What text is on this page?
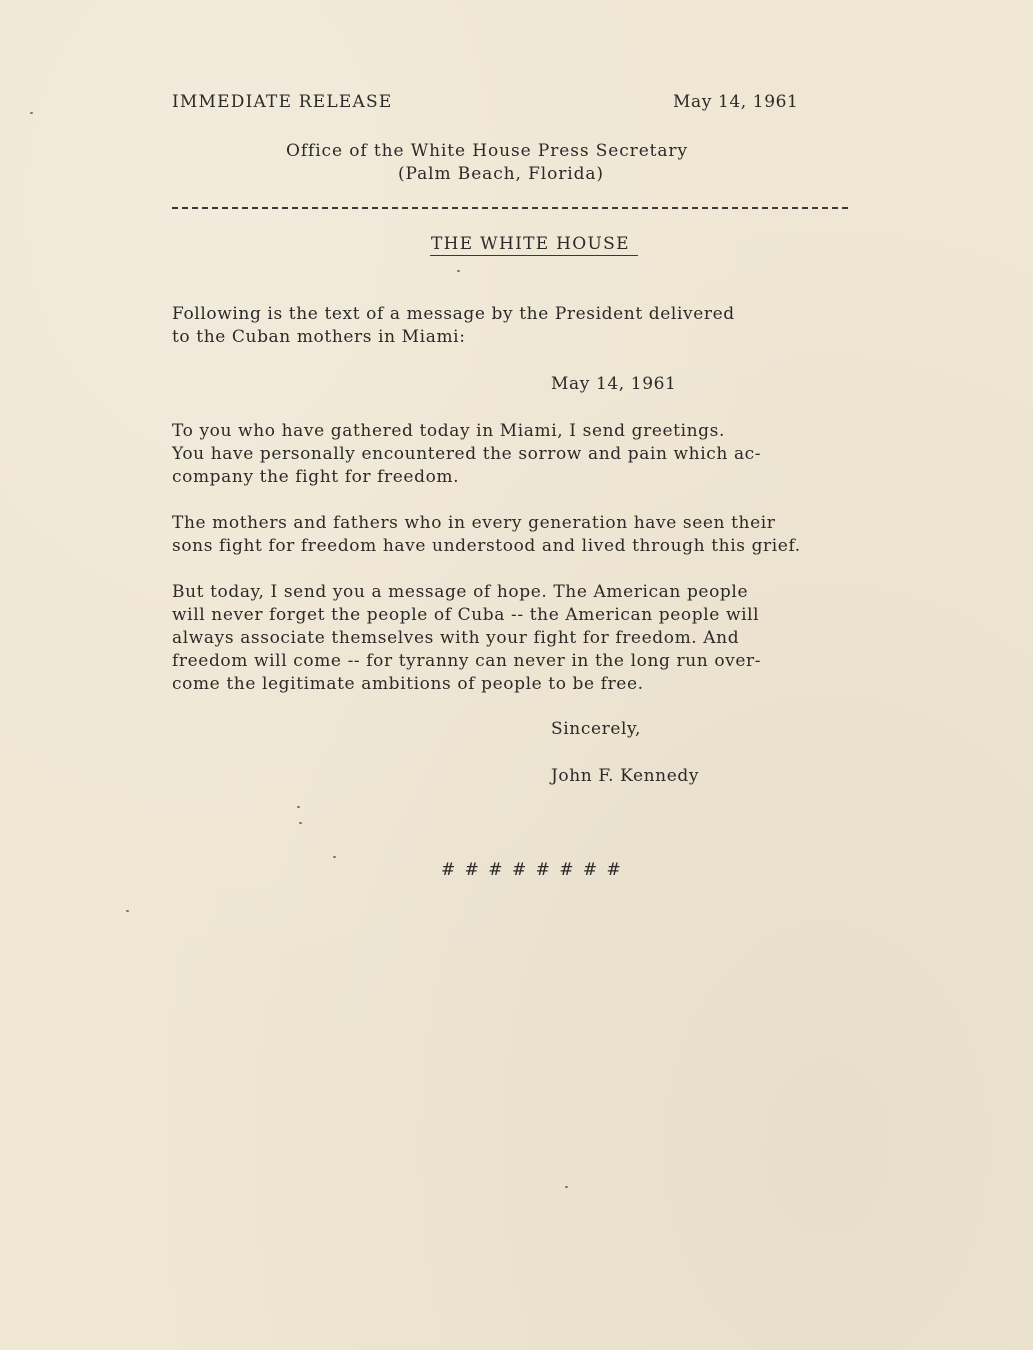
IMMEDIATE RELEASE	May 14, 1961
Office of the White House Press Secretary
(Palm Beach, Florida)
THE WHITE HOUSE
Following is the text of a message by the President delivered
to the Cuban mothers in Miami:
May 14, 1961
To you who have gathered today in Miami, I send greetings.
You have personally encountered the sorrow and pain which ac-
company the fight for freedom.
The mothers and fathers who in every generation have seen their
sons fight for freedom have understood and lived through this grief.
But today, I send you a message of hope. The American people
will never forget the people of Cuba -- the American people will
always associate themselves with your fight for freedom. And
freedom will come -- for tyranny can never in the long run over-
come the legitimate ambitions of people to be free.
Sincerely,
John F. Kennedy
# # # # # # # #
